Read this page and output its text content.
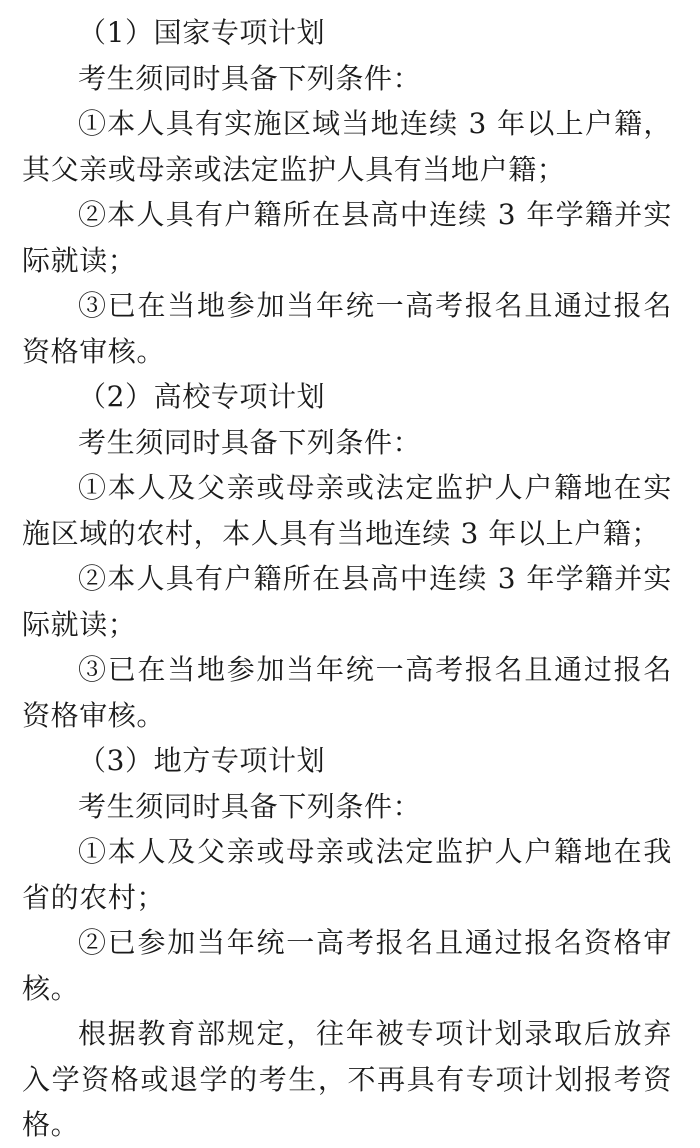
（1）国家专项计划

考生须同时具备下列条件：

①本人具有实施区域当地连续 3 年以上户籍，其父亲或母亲或法定监护人具有当地户籍；

②本人具有户籍所在县高中连续 3 年学籍并实际就读；

③已在当地参加当年统一高考报名且通过报名资格审核。

（2）高校专项计划

考生须同时具备下列条件：

①本人及父亲或母亲或法定监护人户籍地在实施区域的农村，本人具有当地连续 3 年以上户籍；

②本人具有户籍所在县高中连续 3 年学籍并实际就读；

③已在当地参加当年统一高考报名且通过报名资格审核。

（3）地方专项计划

考生须同时具备下列条件：

①本人及父亲或母亲或法定监护人户籍地在我省的农村；

②已参加当年统一高考报名且通过报名资格审核。

根据教育部规定，往年被专项计划录取后放弃入学资格或退学的考生，不再具有专项计划报考资格。
